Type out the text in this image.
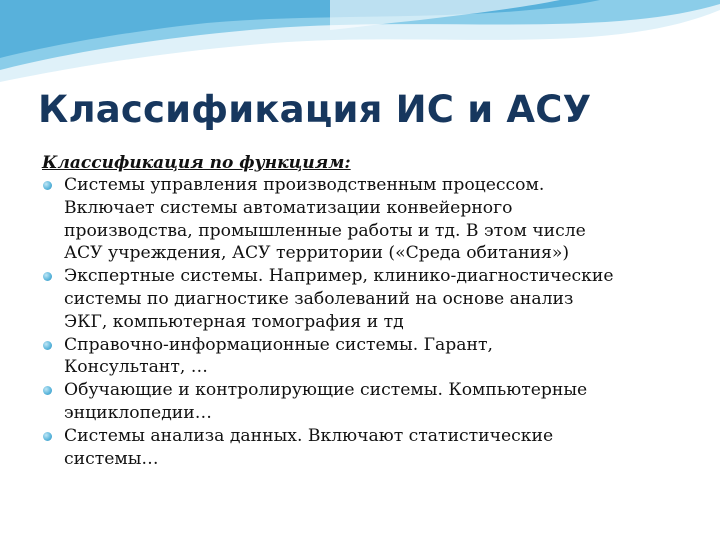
Классификация ИС и АСУ

Классификация по функциям:

Системы управления производственным процессом.
Включает системы автоматизации конвейерного
производства, промышленные работы и тд. В этом числе
АСУ учреждения, АСУ территории («Среда обитания»)
Экспертные системы. Например, клинико-диагностические
системы по диагностике заболеваний на основе анализ
ЭКГ, компьютерная томография и тд
Справочно-информационные системы. Гарант,
Консультант, …
Обучающие и контролирующие системы. Компьютерные
энциклопедии…
Системы анализа данных. Включают статистические
системы…
